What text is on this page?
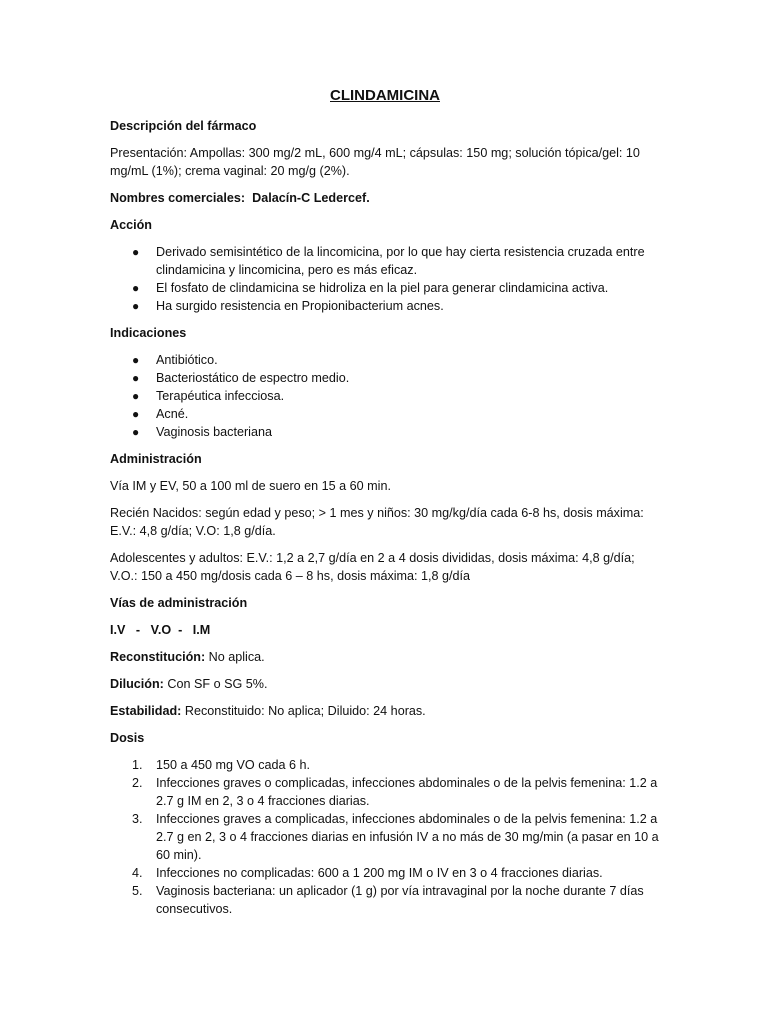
CLINDAMICINA
Descripción del fármaco
Presentación: Ampollas: 300 mg/2 mL, 600 mg/4 mL; cápsulas: 150 mg; solución tópica/gel: 10 mg/mL (1%); crema vaginal: 20 mg/g (2%).
Nombres comerciales: Dalacín-C Ledercef.
Acción
● Derivado semisintético de la lincomicina, por lo que hay cierta resistencia cruzada entre clindamicina y lincomicina, pero es más eficaz.
● El fosfato de clindamicina se hidroliza en la piel para generar clindamicina activa.
● Ha surgido resistencia en Propionibacterium acnes.
Indicaciones
● Antibiótico.
● Bacteriostático de espectro medio.
● Terapéutica infecciosa.
● Acné.
● Vaginosis bacteriana
Administración
Vía IM y EV, 50 a 100 ml de suero en 15 a 60 min.
Recién Nacidos: según edad y peso; > 1 mes y niños: 30 mg/kg/día cada 6-8 hs, dosis máxima: E.V.: 4,8 g/día; V.O: 1,8 g/día.
Adolescentes y adultos: E.V.: 1,2 a 2,7 g/día en 2 a 4 dosis divididas, dosis máxima: 4,8 g/día; V.O.: 150 a 450 mg/dosis cada 6 – 8 hs, dosis máxima: 1,8 g/día
Vías de administración
I.V   -   V.O  -   I.M
Reconstitución: No aplica.
Dilución: Con SF o SG 5%.
Estabilidad: Reconstituido: No aplica; Diluido: 24 horas.
Dosis
1. 150 a 450 mg VO cada 6 h.
2. Infecciones graves o complicadas, infecciones abdominales o de la pelvis femenina: 1.2 a 2.7 g IM en 2, 3 o 4 fracciones diarias.
3. Infecciones graves a complicadas, infecciones abdominales o de la pelvis femenina: 1.2 a 2.7 g en 2, 3 o 4 fracciones diarias en infusión IV a no más de 30 mg/min (a pasar en 10 a 60 min).
4. Infecciones no complicadas: 600 a 1 200 mg IM o IV en 3 o 4 fracciones diarias.
5. Vaginosis bacteriana: un aplicador (1 g) por vía intravaginal por la noche durante 7 días consecutivos.
